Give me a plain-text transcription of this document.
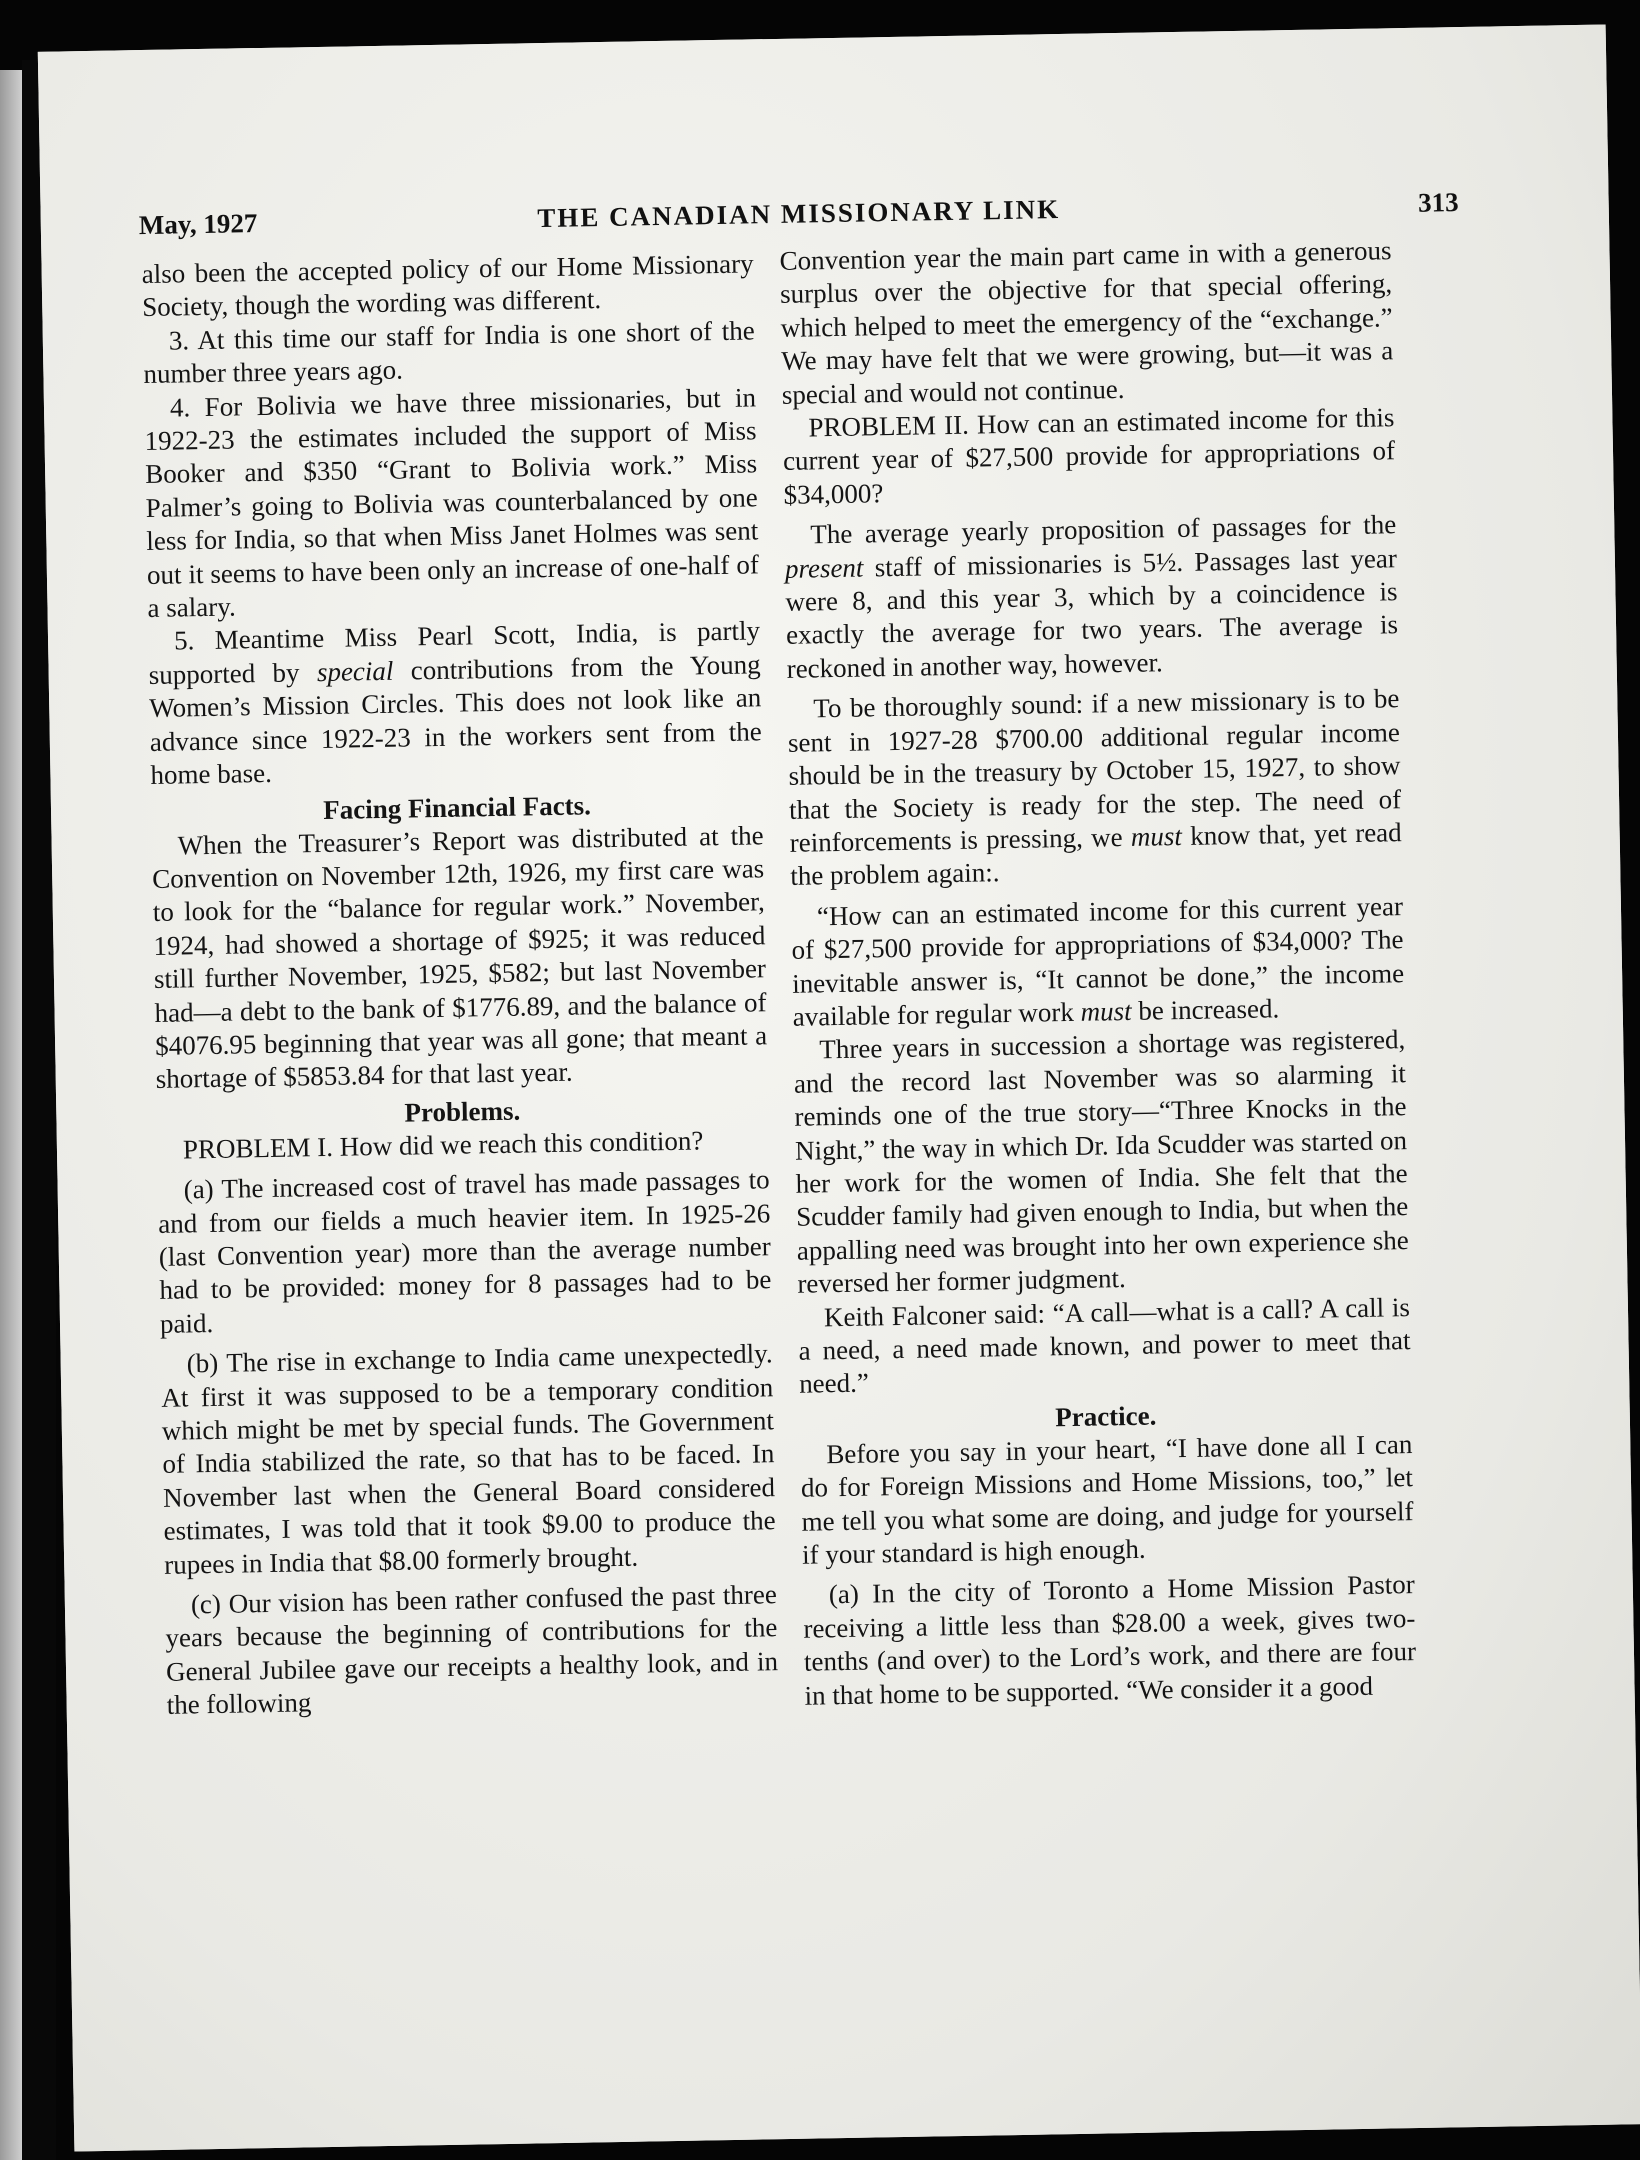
May, 1927	THE CANADIAN MISSIONARY LINK	313

also been the accepted policy of our Home Missionary Society, though the wording was different.

3. At this time our staff for India is one short of the number three years ago.

4. For Bolivia we have three missionaries, but in 1922-23 the estimates included the support of Miss Booker and $350 “Grant to Bolivia work.” Miss Palmer’s going to Bolivia was counterbalanced by one less for India, so that when Miss Janet Holmes was sent out it seems to have been only an increase of one-half of a salary.

5. Meantime Miss Pearl Scott, India, is partly supported by special contributions from the Young Women’s Mission Circles. This does not look like an advance since 1922-23 in the workers sent from the home base.

Facing Financial Facts.

When the Treasurer’s Report was distributed at the Convention on November 12th, 1926, my first care was to look for the “balance for regular work.” November, 1924, had showed a shortage of $925; it was reduced still further November, 1925, $582; but last November had—a debt to the bank of $1776.89, and the balance of $4076.95 beginning that year was all gone; that meant a shortage of $5853.84 for that last year.

Problems.

PROBLEM I. How did we reach this condition?

(a) The increased cost of travel has made passages to and from our fields a much heavier item. In 1925-26 (last Convention year) more than the average number had to be provided: money for 8 passages had to be paid.

(b) The rise in exchange to India came unexpectedly. At first it was supposed to be a temporary condition which might be met by special funds. The Government of India stabilized the rate, so that has to be faced. In November last when the General Board considered estimates, I was told that it took $9.00 to produce the rupees in India that $8.00 formerly brought.

(c) Our vision has been rather confused the past three years because the beginning of contributions for the General Jubilee gave our receipts a healthy look, and in the following

Convention year the main part came in with a generous surplus over the objective for that special offering, which helped to meet the emergency of the “exchange.” We may have felt that we were growing, but—it was a special and would not continue.

PROBLEM II. How can an estimated income for this current year of $27,500 provide for appropriations of $34,000?

The average yearly proposition of passages for the present staff of missionaries is 5½. Passages last year were 8, and this year 3, which by a coincidence is exactly the average for two years. The average is reckoned in another way, however.

To be thoroughly sound: if a new missionary is to be sent in 1927-28 $700.00 additional regular income should be in the treasury by October 15, 1927, to show that the Society is ready for the step. The need of reinforcements is pressing, we must know that, yet read the problem again:.

“How can an estimated income for this current year of $27,500 provide for appropriations of $34,000? The inevitable answer is, “It cannot be done,” the income available for regular work must be increased.

Three years in succession a shortage was registered, and the record last November was so alarming it reminds one of the true story—“Three Knocks in the Night,” the way in which Dr. Ida Scudder was started on her work for the women of India. She felt that the Scudder family had given enough to India, but when the appalling need was brought into her own experience she reversed her former judgment.

Keith Falconer said: “A call—what is a call? A call is a need, a need made known, and power to meet that need.”

Practice.

Before you say in your heart, “I have done all I can do for Foreign Missions and Home Missions, too,” let me tell you what some are doing, and judge for yourself if your standard is high enough.

(a) In the city of Toronto a Home Mission Pastor receiving a little less than $28.00 a week, gives two-tenths (and over) to the Lord’s work, and there are four in that home to be supported. “We consider it a good
